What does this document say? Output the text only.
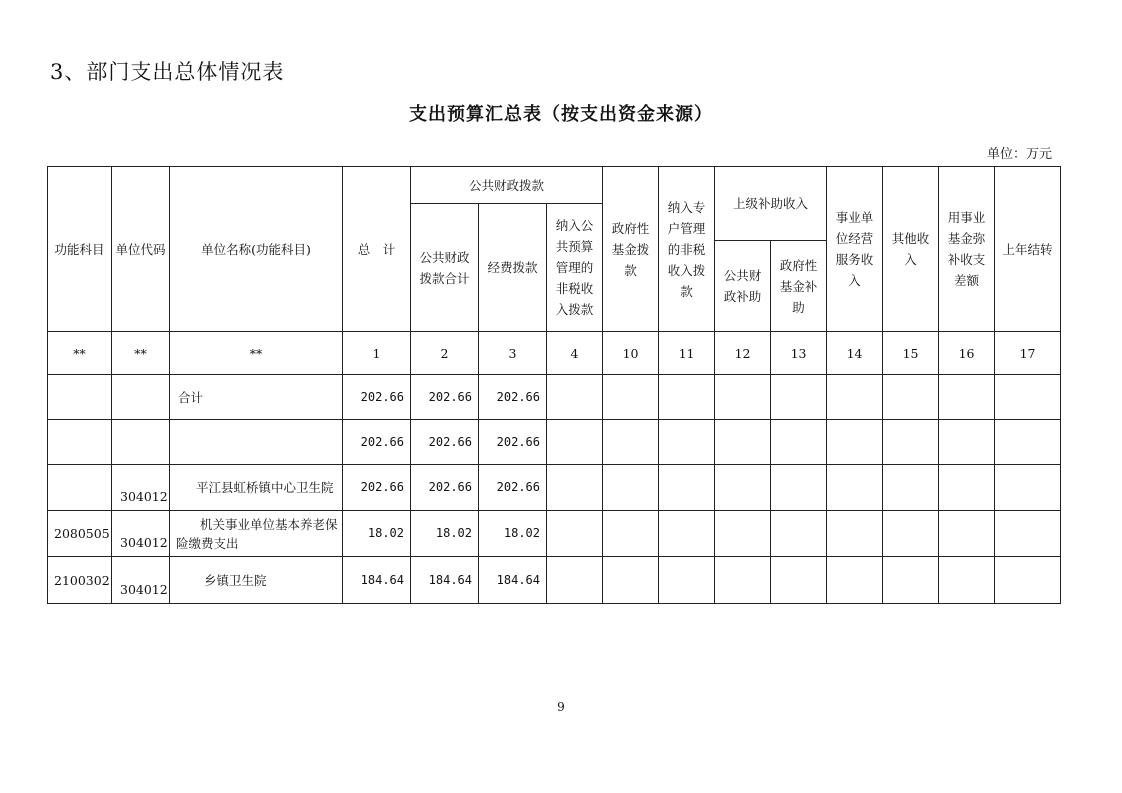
3、部门支出总体情况表
支出预算汇总表（按支出资金来源）
单位：万元
功能科目	单位代码	单位名称(功能科目)	总　计	公共财政拨款			政府性基金拨款	纳入专户管理的非税收入拨款	上级补助收入		事业单位经营服务收入	其他收入	用事业基金弥补收支差额	上年结转
				公共财政拨款合计	经费拨款	纳入公共预算管理的非税收入拨款								
									公共财政补助	政府性基金补助				
**	**	**	1	2	3	4	10	11	12	13	14	15	16	17
		合计	202.66	202.66	202.66									
			202.66	202.66	202.66									
	304012	平江县虹桥镇中心卫生院	202.66	202.66	202.66									
2080505	304012	机关事业单位基本养老保险缴费支出	18.02	18.02	18.02									
2100302	304012	乡镇卫生院	184.64	184.64	184.64									
9
